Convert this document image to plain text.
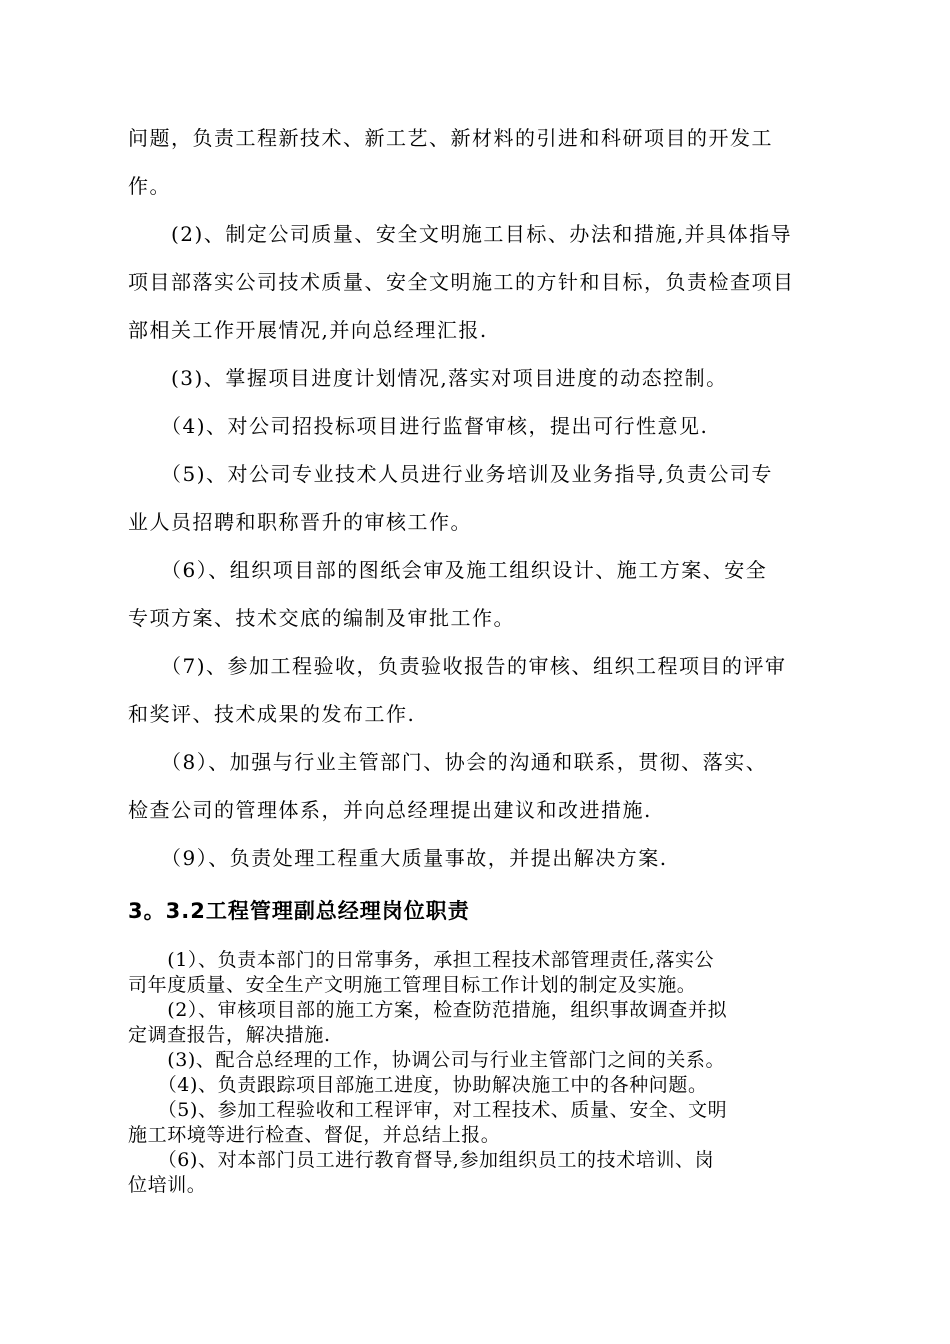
问题，负责工程新技术、新工艺、新材料的引进和科研项目的开发工

作。

　　(2)、制定公司质量、安全文明施工目标、办法和措施,并具体指导

项目部落实公司技术质量、安全文明施工的方针和目标，负责检查项目

部相关工作开展情况,并向总经理汇报.

　　(3)、掌握项目进度计划情况,落实对项目进度的动态控制。

　　（4)、对公司招投标项目进行监督审核，提出可行性意见.

　　（5)、对公司专业技术人员进行业务培训及业务指导,负责公司专

业人员招聘和职称晋升的审核工作。

　　（6）、组织项目部的图纸会审及施工组织设计、施工方案、安全

专项方案、技术交底的编制及审批工作。

　　（7)、参加工程验收，负责验收报告的审核、组织工程项目的评审

和奖评、技术成果的发布工作.

　　（8）、加强与行业主管部门、协会的沟通和联系，贯彻、落实、

检查公司的管理体系，并向总经理提出建议和改进措施.

　　（9）、负责处理工程重大质量事故，并提出解决方案.

3。3.2工程管理副总经理岗位职责

　　(1）、负责本部门的日常事务，承担工程技术部管理责任,落实公

司年度质量、安全生产文明施工管理目标工作计划的制定及实施。

　　(2）、审核项目部的施工方案，检查防范措施，组织事故调查并拟

定调查报告，解决措施.

　　(3)、配合总经理的工作，协调公司与行业主管部门之间的关系。

　　（4)、负责跟踪项目部施工进度，协助解决施工中的各种问题。

　　（5)、参加工程验收和工程评审，对工程技术、质量、安全、文明

施工环境等进行检查、督促，并总结上报。

　　（6)、对本部门员工进行教育督导,参加组织员工的技术培训、岗

位培训。
